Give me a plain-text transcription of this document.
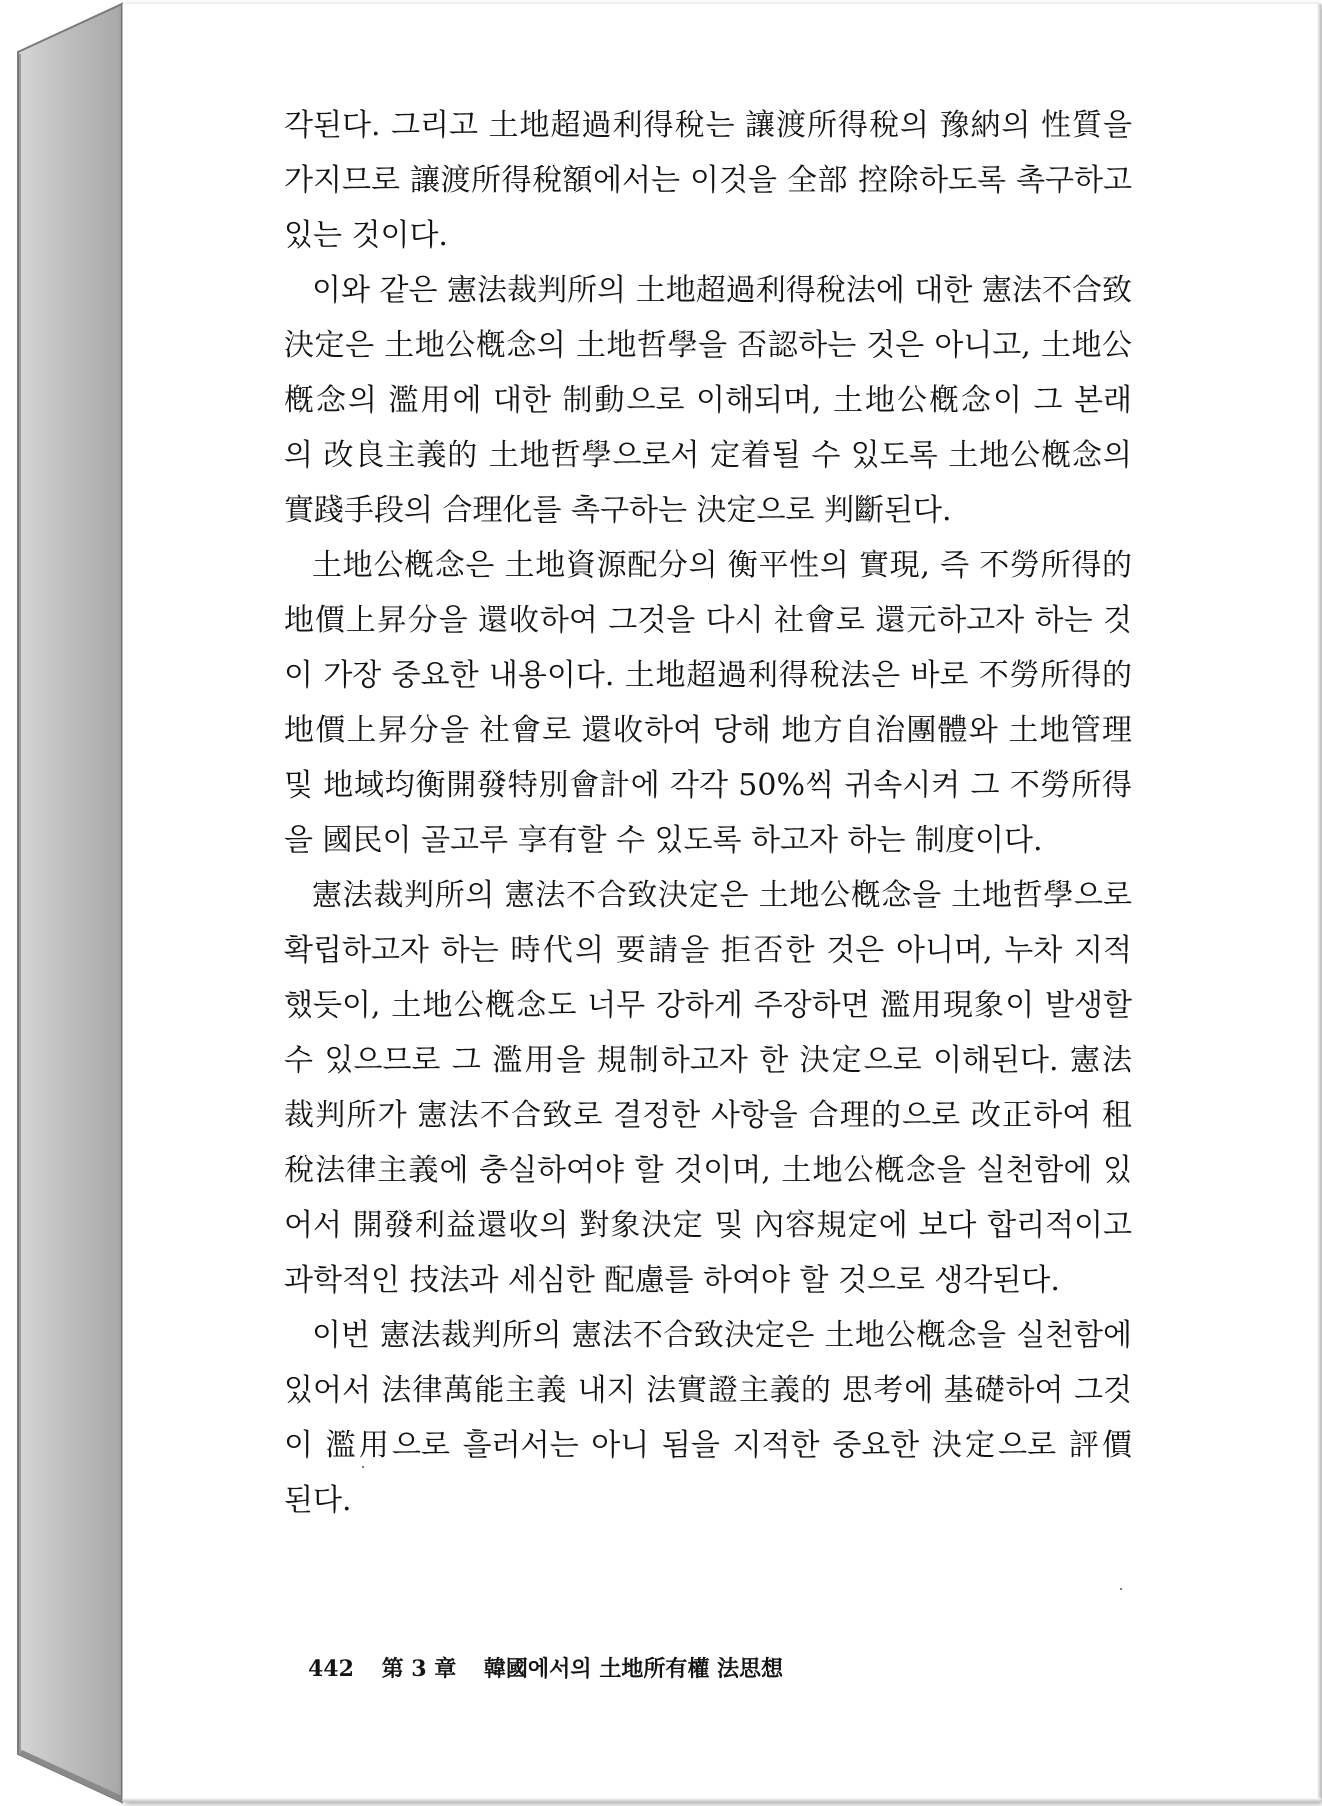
각된다. 그리고 土地超過利得稅는 讓渡所得稅의 豫納의 性質을
가지므로 讓渡所得稅額에서는 이것을 全部 控除하도록 촉구하고
있는 것이다.
이와 같은 憲法裁判所의 土地超過利得稅法에 대한 憲法不合致
決定은 土地公槪念의 土地哲學을 否認하는 것은 아니고, 土地公
槪念의 濫用에 대한 制動으로 이해되며, 土地公槪念이 그 본래
의 改良主義的 土地哲學으로서 定着될 수 있도록 土地公槪念의
實踐手段의 合理化를 촉구하는 決定으로 判斷된다.
土地公槪念은 土地資源配分의 衡平性의 實現, 즉 不勞所得的
地價上昇分을 還收하여 그것을 다시 社會로 還元하고자 하는 것
이 가장 중요한 내용이다. 土地超過利得稅法은 바로 不勞所得的
地價上昇分을 社會로 還收하여 당해 地方自治團體와 土地管理
및 地域均衡開發特別會計에 각각 50%씩 귀속시켜 그 不勞所得
을 國民이 골고루 享有할 수 있도록 하고자 하는 制度이다.
憲法裁判所의 憲法不合致決定은 土地公槪念을 土地哲學으로
확립하고자 하는 時代의 要請을 拒否한 것은 아니며, 누차 지적
했듯이, 土地公槪念도 너무 강하게 주장하면 濫用現象이 발생할
수 있으므로 그 濫用을 規制하고자 한 決定으로 이해된다. 憲法
裁判所가 憲法不合致로 결정한 사항을 合理的으로 改正하여 租
稅法律主義에 충실하여야 할 것이며, 土地公槪念을 실천함에 있
어서 開發利益還收의 對象決定 및 內容規定에 보다 합리적이고
과학적인 技法과 세심한 配慮를 하여야 할 것으로 생각된다.
이번 憲法裁判所의 憲法不合致決定은 土地公槪念을 실천함에
있어서 法律萬能主義 내지 法實證主義的 思考에 基礎하여 그것
이 濫用으로 흘러서는 아니 됨을 지적한 중요한 決定으로 評價
된다.
442 第 3 章 韓國에서의 土地所有權 法思想
